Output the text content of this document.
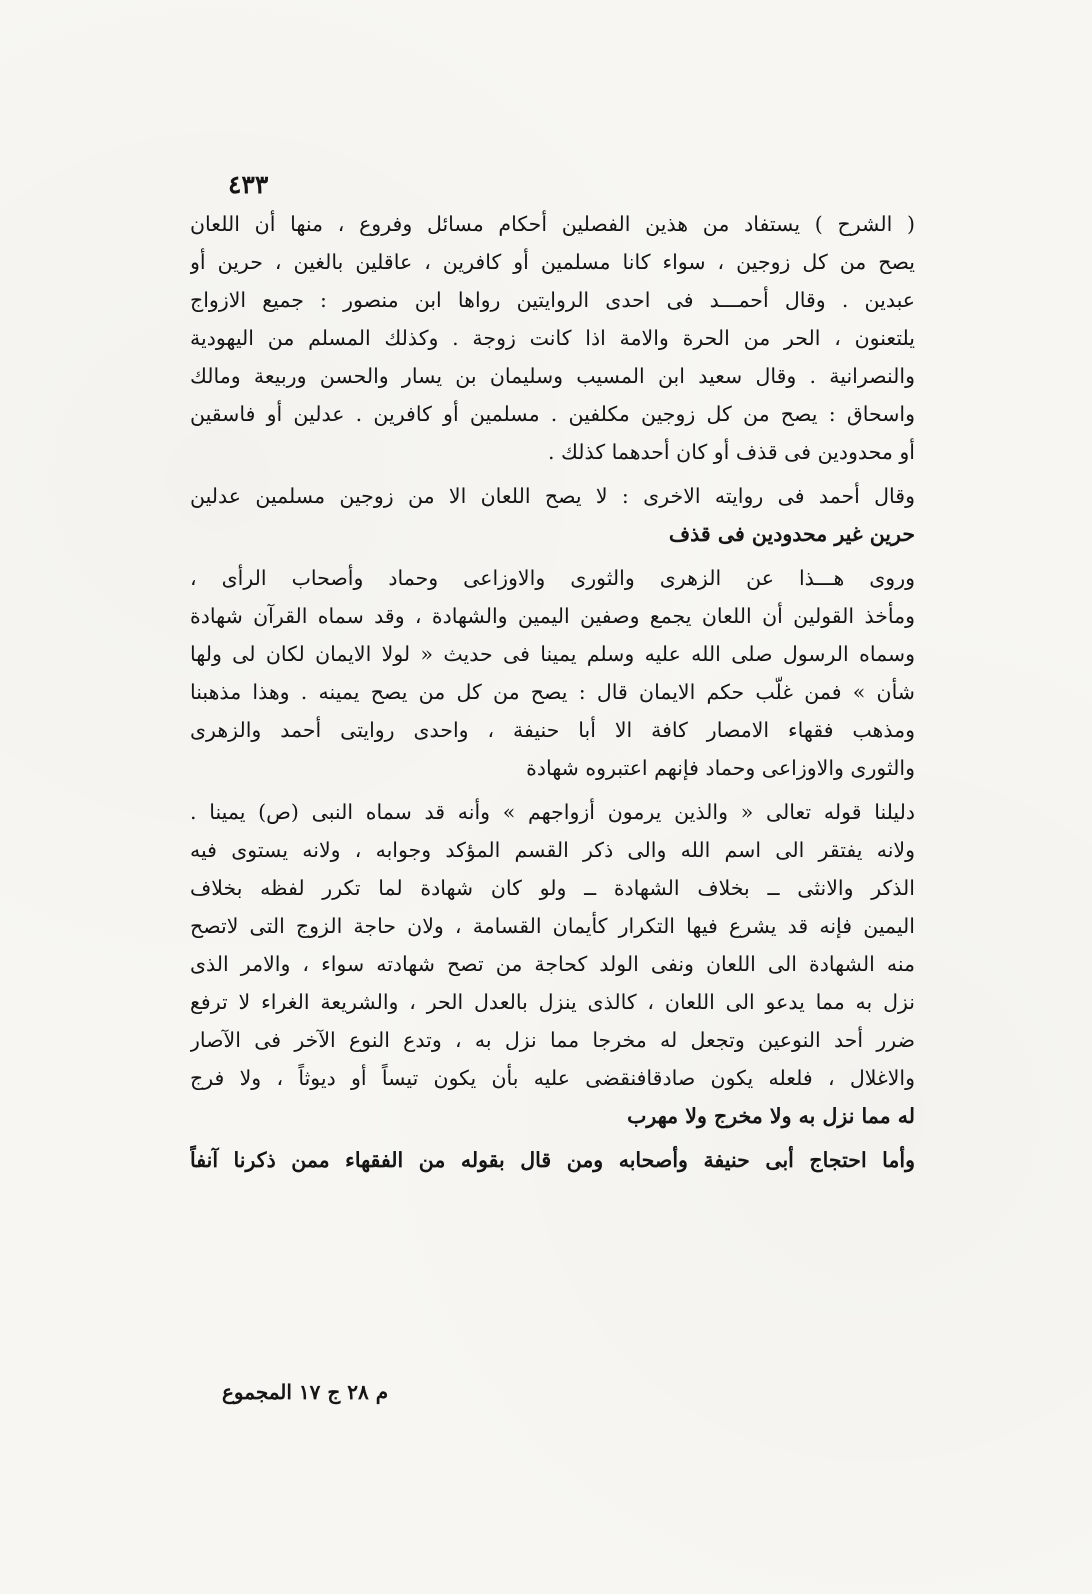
٤٣٣
( الشرح ) يستفاد من هذين الفصلين أحكام مسائل وفروع ، منها أن اللعان
يصح من كل زوجين ، سواء كانا مسلمين أو كافرين ، عاقلين بالغين ، حرين أو
عبدين . وقال أحمـــد فى احدى الروايتين رواها ابن منصور : جميع الازواج
يلتعنون ، الحر من الحرة والامة اذا كانت زوجة . وكذلك المسلم من اليهودية
والنصرانية . وقال سعيد ابن المسيب وسليمان بن يسار والحسن وربيعة ومالك
واسحاق : يصح من كل زوجين مكلفين . مسلمين أو كافرين . عدلين أو فاسقين
أو محدودين فى قذف أو كان أحدهما كذلك .
وقال أحمد فى روايته الاخرى : لا يصح اللعان الا من زوجين مسلمين عدلين
حرين غير محدودين فى قذف
وروى هـــذا عن الزهرى والثورى والاوزاعى وحماد وأصحاب الرأى ،
ومأخذ القولين أن اللعان يجمع وصفين اليمين والشهادة ، وقد سماه القرآن شهادة
وسماه الرسول صلى الله عليه وسلم يمينا فى حديث « لولا الايمان لكان لى ولها
شأن » فمن غلّب حكم الايمان قال : يصح من كل من يصح يمينه . وهذا مذهبنا
ومذهب فقهاء الامصار كافة الا أبا حنيفة ، واحدى روايتى أحمد والزهرى
والثورى والاوزاعى وحماد فإنهم اعتبروه شهادة
دليلنا قوله تعالى « والذين يرمون أزواجهم » وأنه قد سماه النبى (ص) يمينا .
ولانه يفتقر الى اسم الله والى ذكر القسم المؤكد وجوابه ، ولانه يستوى فيه
الذكر والانثى ــ بخلاف الشهادة ــ ولو كان شهادة لما تكرر لفظه بخلاف
اليمين فإنه قد يشرع فيها التكرار كأيمان القسامة ، ولان حاجة الزوج التى لاتصح
منه الشهادة الى اللعان ونفى الولد كحاجة من تصح شهادته سواء ، والامر الذى
نزل به مما يدعو الى اللعان ، كالذى ينزل بالعدل الحر ، والشريعة الغراء لا ترفع
ضرر أحد النوعين وتجعل له مخرجا مما نزل به ، وتدع النوع الآخر فى الآصار
والاغلال ، فلعله يكون صادقافنقضى عليه بأن يكون تيساً أو ديوثاً ، ولا فرج
له مما نزل به ولا مخرج ولا مهرب
وأما احتجاج أبى حنيفة وأصحابه ومن قال بقوله من الفقهاء ممن ذكرنا آنفاً
م ٢٨ ج ١٧ المجموع
